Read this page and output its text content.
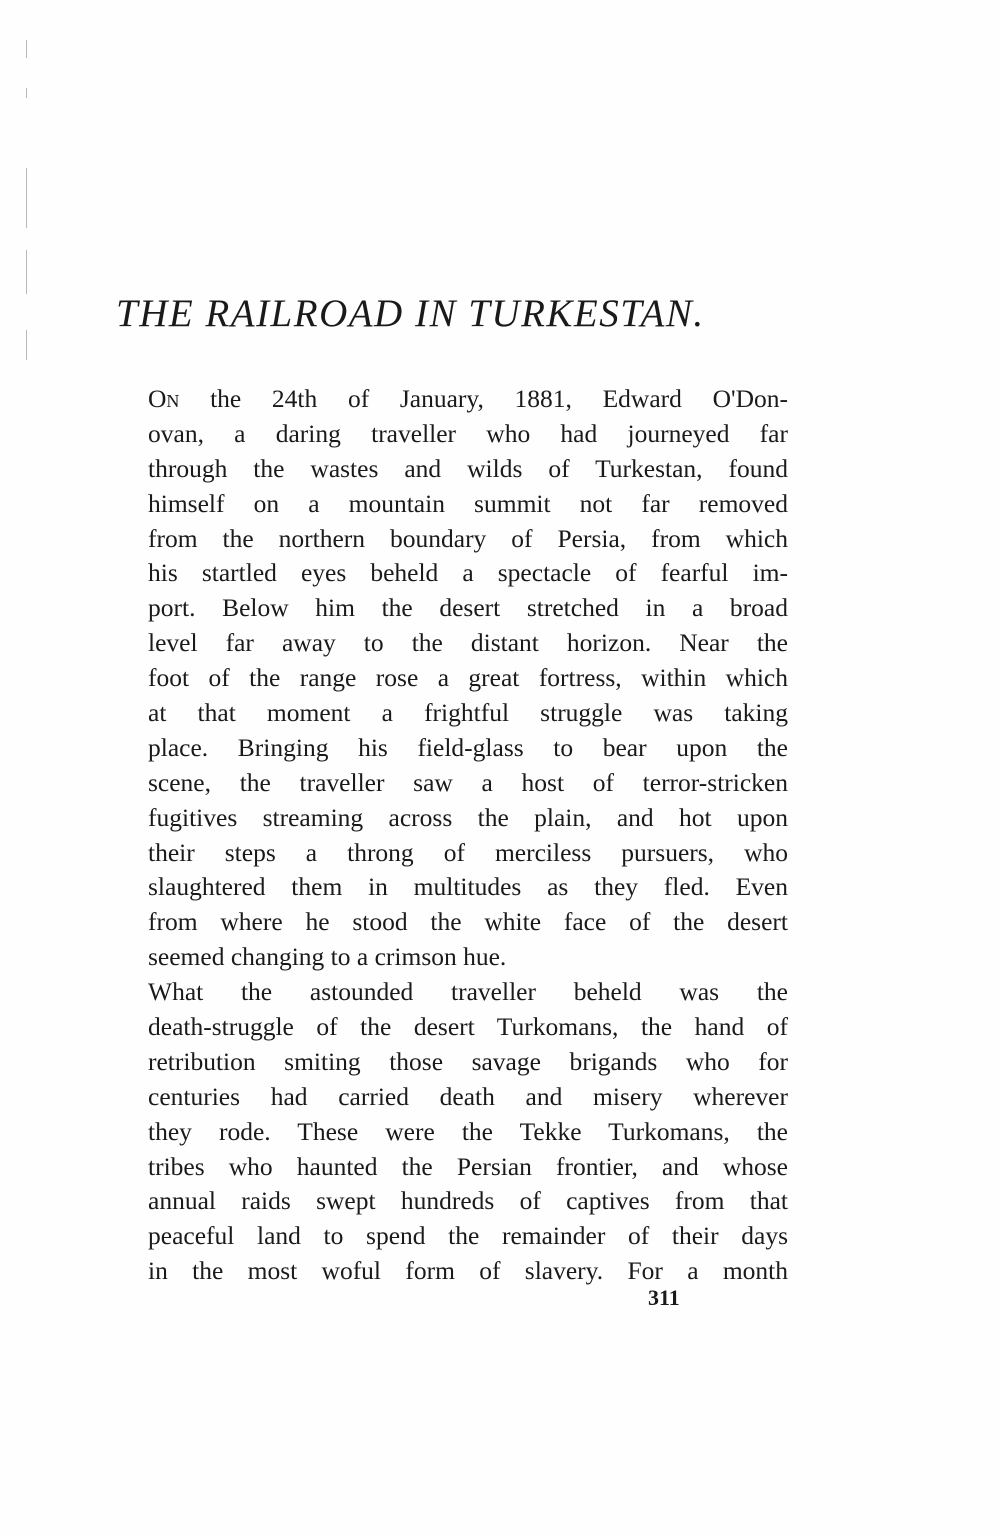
THE RAILROAD IN TURKESTAN.
On the 24th of January, 1881, Edward O'Don-
ovan, a daring traveller who had journeyed far
through the wastes and wilds of Turkestan, found
himself on a mountain summit not far removed
from the northern boundary of Persia, from which
his startled eyes beheld a spectacle of fearful im-
port. Below him the desert stretched in a broad
level far away to the distant horizon. Near the
foot of the range rose a great fortress, within which
at that moment a frightful struggle was taking
place. Bringing his field-glass to bear upon the
scene, the traveller saw a host of terror-stricken
fugitives streaming across the plain, and hot upon
their steps a throng of merciless pursuers, who
slaughtered them in multitudes as they fled. Even
from where he stood the white face of the desert
seemed changing to a crimson hue.
What the astounded traveller beheld was the
death-struggle of the desert Turkomans, the hand of
retribution smiting those savage brigands who for
centuries had carried death and misery wherever
they rode. These were the Tekke Turkomans, the
tribes who haunted the Persian frontier, and whose
annual raids swept hundreds of captives from that
peaceful land to spend the remainder of their days
in the most woful form of slavery. For a month

311
